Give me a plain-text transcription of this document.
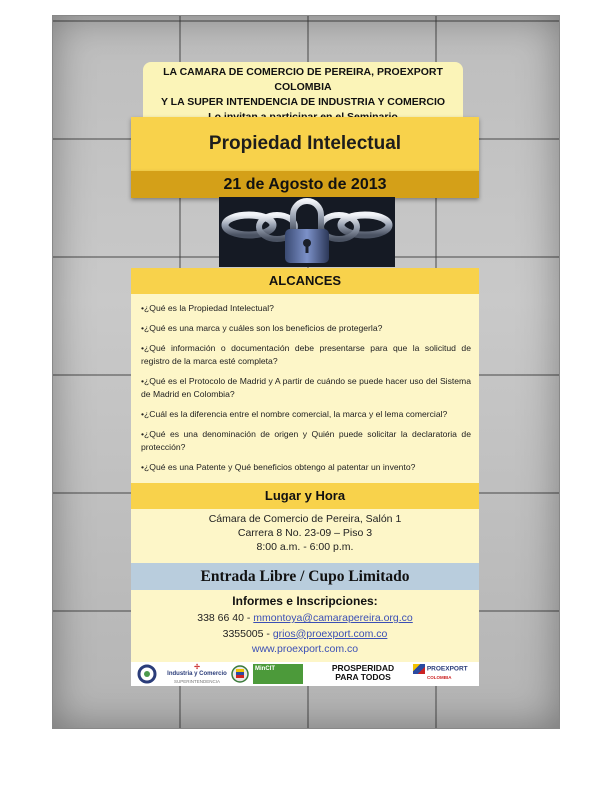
LA CAMARA DE COMERCIO DE PEREIRA, PROEXPORT
COLOMBIA
Y LA SUPER INTENDENCIA DE INDUSTRIA Y COMERCIO
Propiedad Intelectual
21 de Agosto de 2013
ALCANCES
•¿Qué es la Propiedad Intelectual?
•¿Qué es una marca y cuáles son los beneficios de protegerla?
•¿Qué información o documentación debe presentarse para que la solicitud de registro de la marca esté completa?
•¿Qué es el Protocolo de Madrid y A partir de cuándo se puede hacer uso del Sistema de Madrid en Colombia?
•¿Cuál es la diferencia entre el nombre comercial, la marca y el lema comercial?
•¿Qué es una denominación de origen y Quién puede solicitar la declaratoria de protección?
•¿Qué es una Patente y Qué beneficios obtengo al patentar un invento?
Lugar y Hora
Cámara de Comercio de Pereira, Salón 1
Carrera 8 No. 23-09 – Piso 3
8:00 a.m. - 6:00 p.m.
Entrada Libre / Cupo Limitado
Informes e Inscripciones:
338 66 40 - mmontoya@camarapereira.org.co
3355005 - grios@proexport.com.co
www.proexport.com.co
✢
Industria y Comercio
SUPERINTENDENCIA
MinCIT	PROSPERIDAD
PARA TODOS
PROEXPORT
COLOMBIA
